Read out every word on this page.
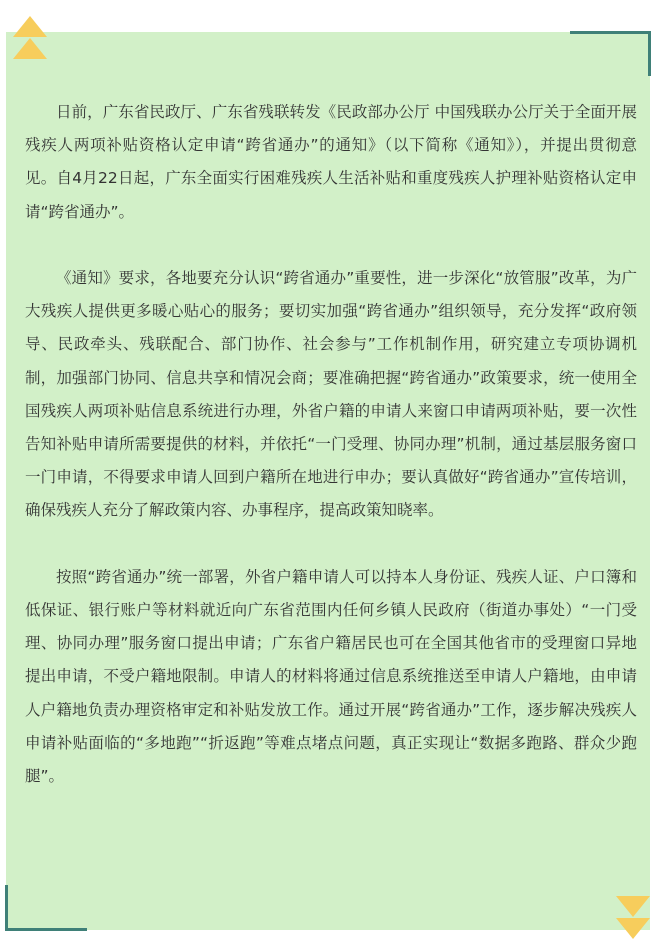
日前，广东省民政厅、广东省残联转发《民政部办公厅 中国残联办公厅关于全面开展残疾人两项补贴资格认定申请“跨省通办”的通知》（以下简称《通知》），并提出贯彻意见。自4月22日起，广东全面实行困难残疾人生活补贴和重度残疾人护理补贴资格认定申请“跨省通办”。

《通知》要求，各地要充分认识“跨省通办”重要性，进一步深化“放管服”改革，为广大残疾人提供更多暖心贴心的服务；要切实加强“跨省通办”组织领导，充分发挥“政府领导、民政牵头、残联配合、部门协作、社会参与”工作机制作用，研究建立专项协调机制，加强部门协同、信息共享和情况会商；要准确把握“跨省通办”政策要求，统一使用全国残疾人两项补贴信息系统进行办理，外省户籍的申请人来窗口申请两项补贴，要一次性告知补贴申请所需要提供的材料，并依托“一门受理、协同办理”机制，通过基层服务窗口一门申请，不得要求申请人回到户籍所在地进行申办；要认真做好“跨省通办”宣传培训，确保残疾人充分了解政策内容、办事程序，提高政策知晓率。

按照“跨省通办”统一部署，外省户籍申请人可以持本人身份证、残疾人证、户口簿和低保证、银行账户等材料就近向广东省范围内任何乡镇人民政府（街道办事处）“一门受理、协同办理”服务窗口提出申请；广东省户籍居民也可在全国其他省市的受理窗口异地提出申请，不受户籍地限制。申请人的材料将通过信息系统推送至申请人户籍地，由申请人户籍地负责办理资格审定和补贴发放工作。通过开展“跨省通办”工作，逐步解决残疾人申请补贴面临的“多地跑”“折返跑”等难点堵点问题，真正实现让“数据多跑路、群众少跑腿”。
